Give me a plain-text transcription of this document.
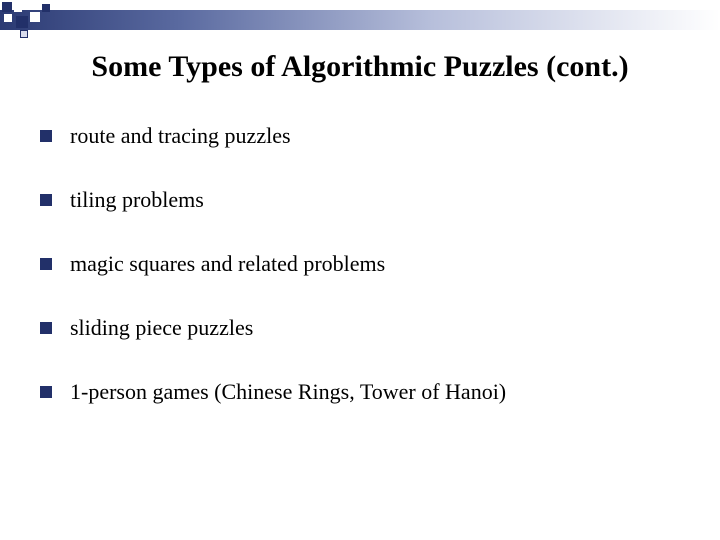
Some Types of Algorithmic Puzzles (cont.)
route and tracing puzzles
tiling problems
magic squares and related problems
sliding piece puzzles
1-person games (Chinese Rings, Tower of Hanoi)
